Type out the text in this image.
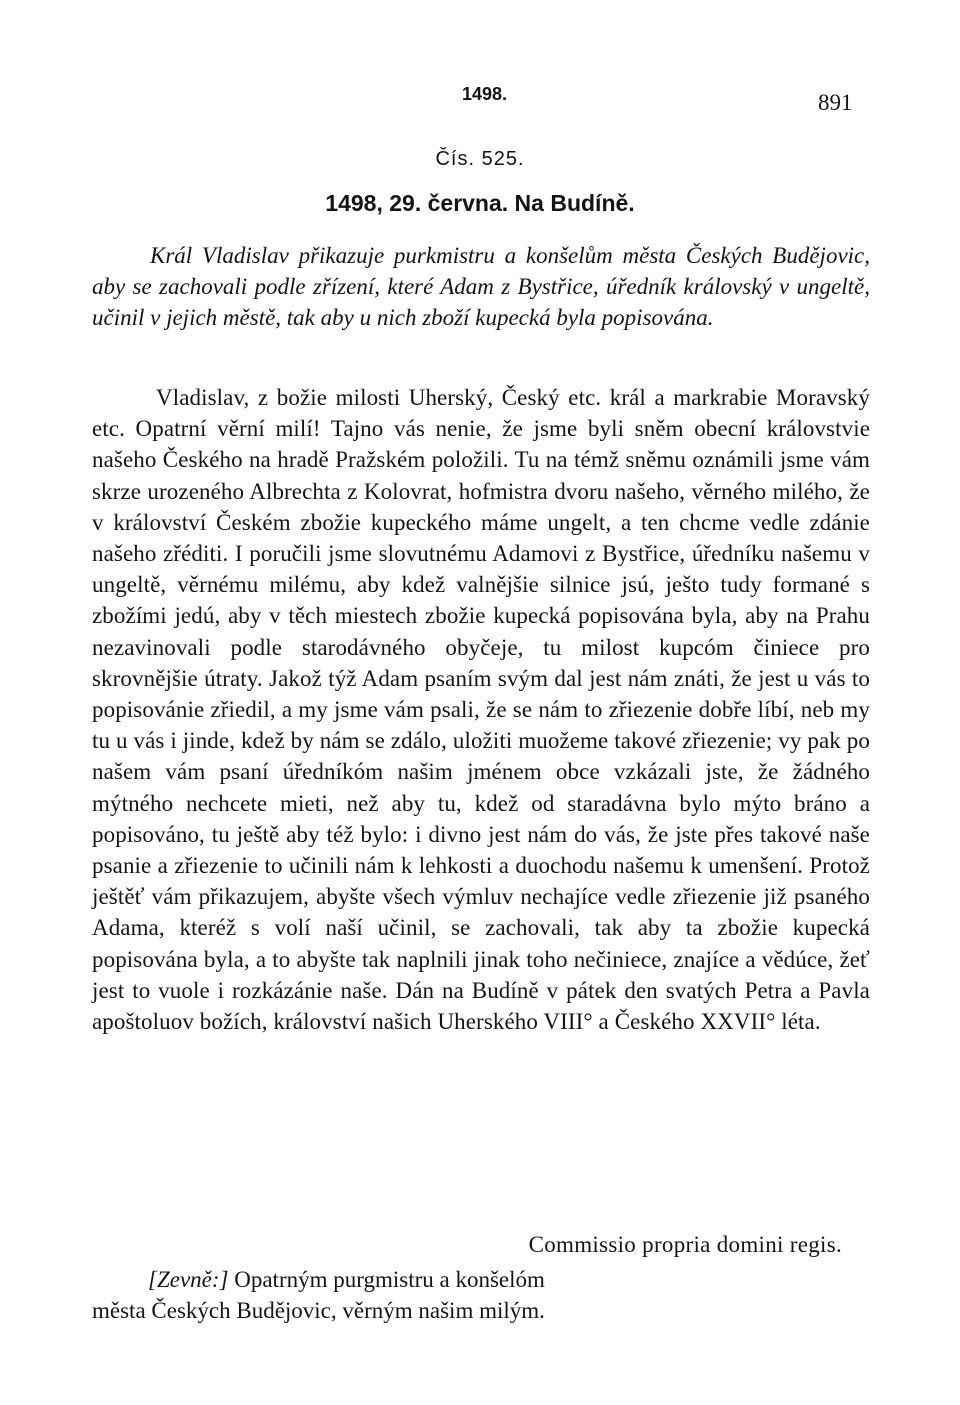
1498.	891
Čís. 525.
1498, 29. června. Na Budíně.

Král Vladislav přikazuje purkmistru a konšelům města Českých Budějovic, aby se zachovali podle zřízení, které Adam z Bystřice, úředník královský v ungeltě, učinil v jejich městě, tak aby u nich zboží kupecká byla popisována.

Vladislav, z božie milosti Uherský, Český etc. král a markrabie Moravský etc. Opatrní věrní milí! Tajno vás nenie, že jsme byli sněm obecní královstvie našeho Českého na hradě Pražském položili. Tu na témž sněmu oznámili jsme vám skrze urozeného Albrechta z Kolovrat, hofmistra dvoru našeho, věrného milého, že v království Českém zbožie kupeckého máme ungelt, a ten chcme vedle zdánie našeho zřéditi. I poručili jsme slovutnému Adamovi z Bystřice, úředníku našemu v ungeltě, věrnému milému, aby kdež valnějšie silnice jsú, ješto tudy formané s zbožími jedú, aby v těch miestech zbožie kupecká popisována byla, aby na Prahu nezavinovali podle starodávného obyčeje, tu milost kupcóm činiece pro skrovnějšie útraty. Jakož týž Adam psaním svým dal jest nám znáti, že jest u vás to popisovánie zřiedil, a my jsme vám psali, že se nám to zřiezenie dobře líbí, neb my tu u vás i jinde, kdež by nám se zdálo, uložiti muožeme takové zřiezenie; vy pak po našem vám psaní úředníkóm našim jménem obce vzkázali jste, že žádného mýtného nechcete mieti, než aby tu, kdež od staradávna bylo mýto bráno a popisováno, tu ještě aby též bylo: i divno jest nám do vás, že jste přes takové naše psanie a zřiezenie to učinili nám k lehkosti a duochodu našemu k umenšení. Protož ještěť vám přikazujem, abyšte všech výmluv nechajíce vedle zřiezenie již psaného Adama, kteréž s volí naší učinil, se zachovali, tak aby ta zbožie kupecká popisována byla, a to abyšte tak naplnili jinak toho nečiniece, znajíce a vědúce, žeť jest to vuole i rozkázánie naše. Dán na Budíně v pátek den svatých Petra a Pavla apoštoluov božích, království našich Uherského VIII° a Českého XXVII° léta.

Commissio propria domini regis.
[Zevně:] Opatrným purgmistru a konšelóm
města Českých Budějovic, věrným našim milým.
